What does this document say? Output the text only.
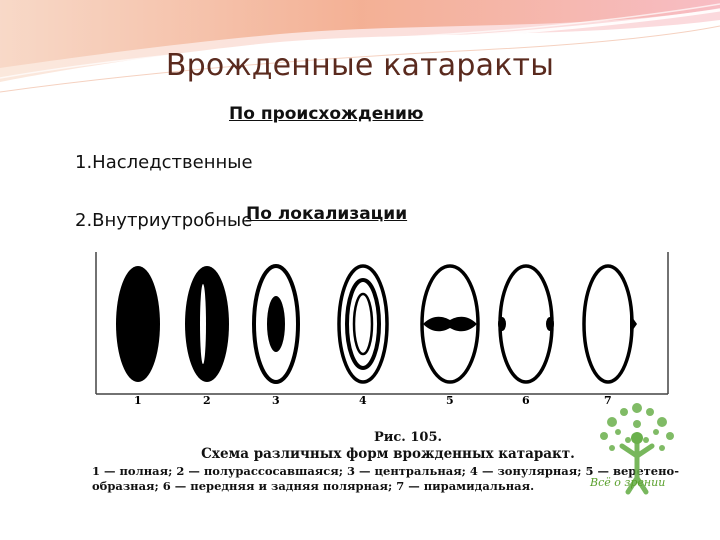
Врожденные катаракты
По происхождению
1.Наследственные
2.Внутриутробные
1	2	3	4	5	6	7
Рис. 105.
Схема различных форм врожденных катаракт.
1 — полная; 2 — полурассосавшаяся; 3 — центральная; 4 — зонулярная; 5 — веретено-
образная; 6 — передняя и задняя полярная; 7 — пирамидальная.
По локализации
Всё о зрении
